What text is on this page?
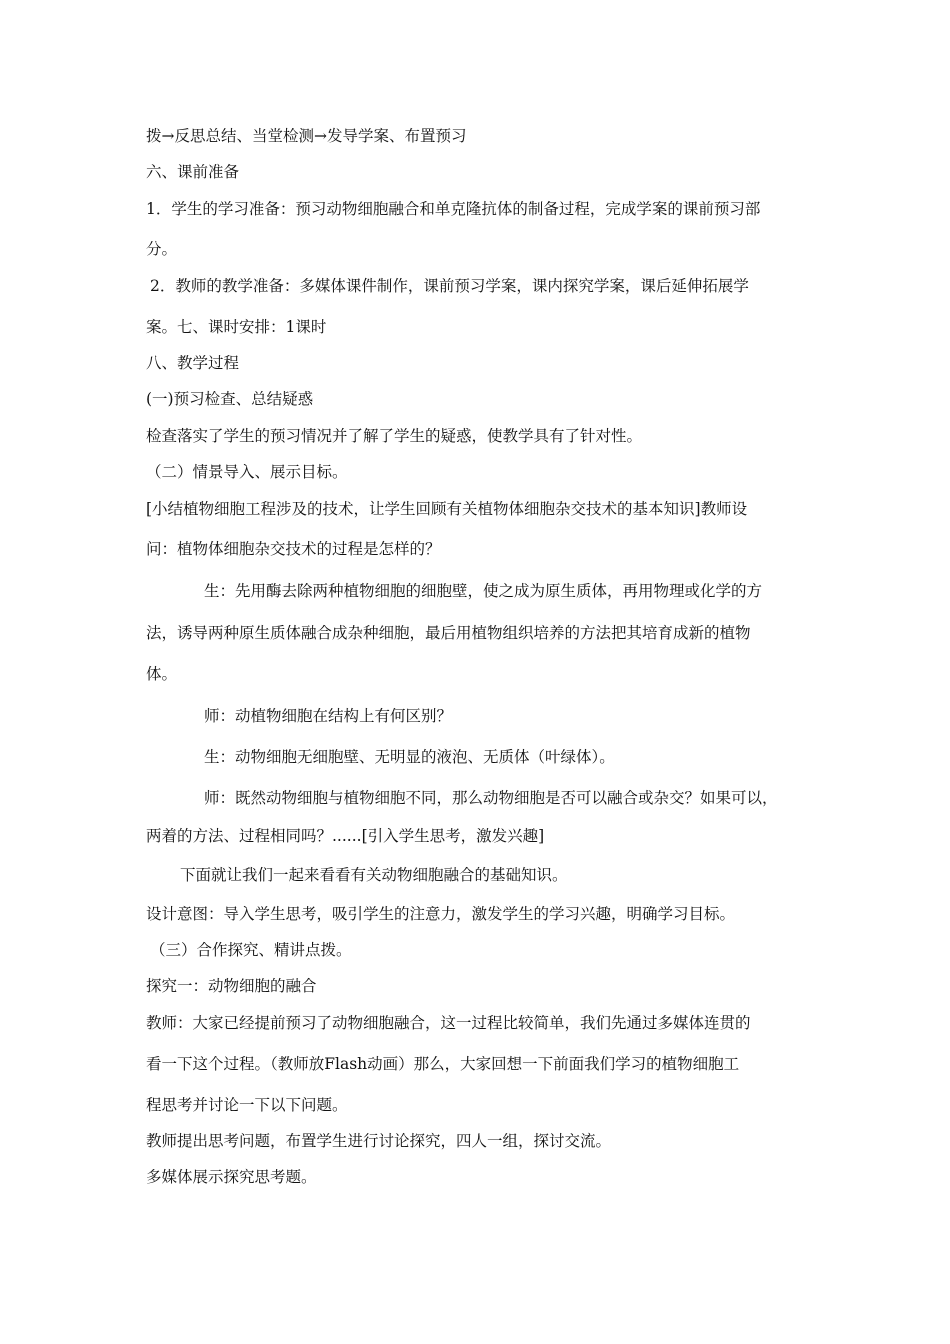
拨→反思总结、当堂检测→发导学案、布置预习
六、课前准备
1．学生的学习准备：预习动物细胞融合和单克隆抗体的制备过程，完成学案的课前预习部
分。
2．教师的教学准备：多媒体课件制作，课前预习学案，课内探究学案，课后延伸拓展学
案。七、课时安排：1课时
八、教学过程
(一)预习检查、总结疑惑
检查落实了学生的预习情况并了解了学生的疑惑，使教学具有了针对性。
（二）情景导入、展示目标。
[小结植物细胞工程涉及的技术，让学生回顾有关植物体细胞杂交技术的基本知识]教师设
问：植物体细胞杂交技术的过程是怎样的？
生：先用酶去除两种植物细胞的细胞壁，使之成为原生质体，再用物理或化学的方
法，诱导两种原生质体融合成杂种细胞，最后用植物组织培养的方法把其培育成新的植物
体。
师：动植物细胞在结构上有何区别？
生：动物细胞无细胞壁、无明显的液泡、无质体（叶绿体）。
师：既然动物细胞与植物细胞不同，那么动物细胞是否可以融合或杂交？如果可以，
两着的方法、过程相同吗？......[引入学生思考，激发兴趣]
下面就让我们一起来看看有关动物细胞融合的基础知识。
设计意图：导入学生思考，吸引学生的注意力，激发学生的学习兴趣，明确学习目标。
（三）合作探究、精讲点拨。
探究一：动物细胞的融合
教师：大家已经提前预习了动物细胞融合，这一过程比较简单，我们先通过多媒体连贯的
看一下这个过程。（教师放Flash动画）那么，大家回想一下前面我们学习的植物细胞工
程思考并讨论一下以下问题。
教师提出思考问题，布置学生进行讨论探究，四人一组，探讨交流。
多媒体展示探究思考题。
